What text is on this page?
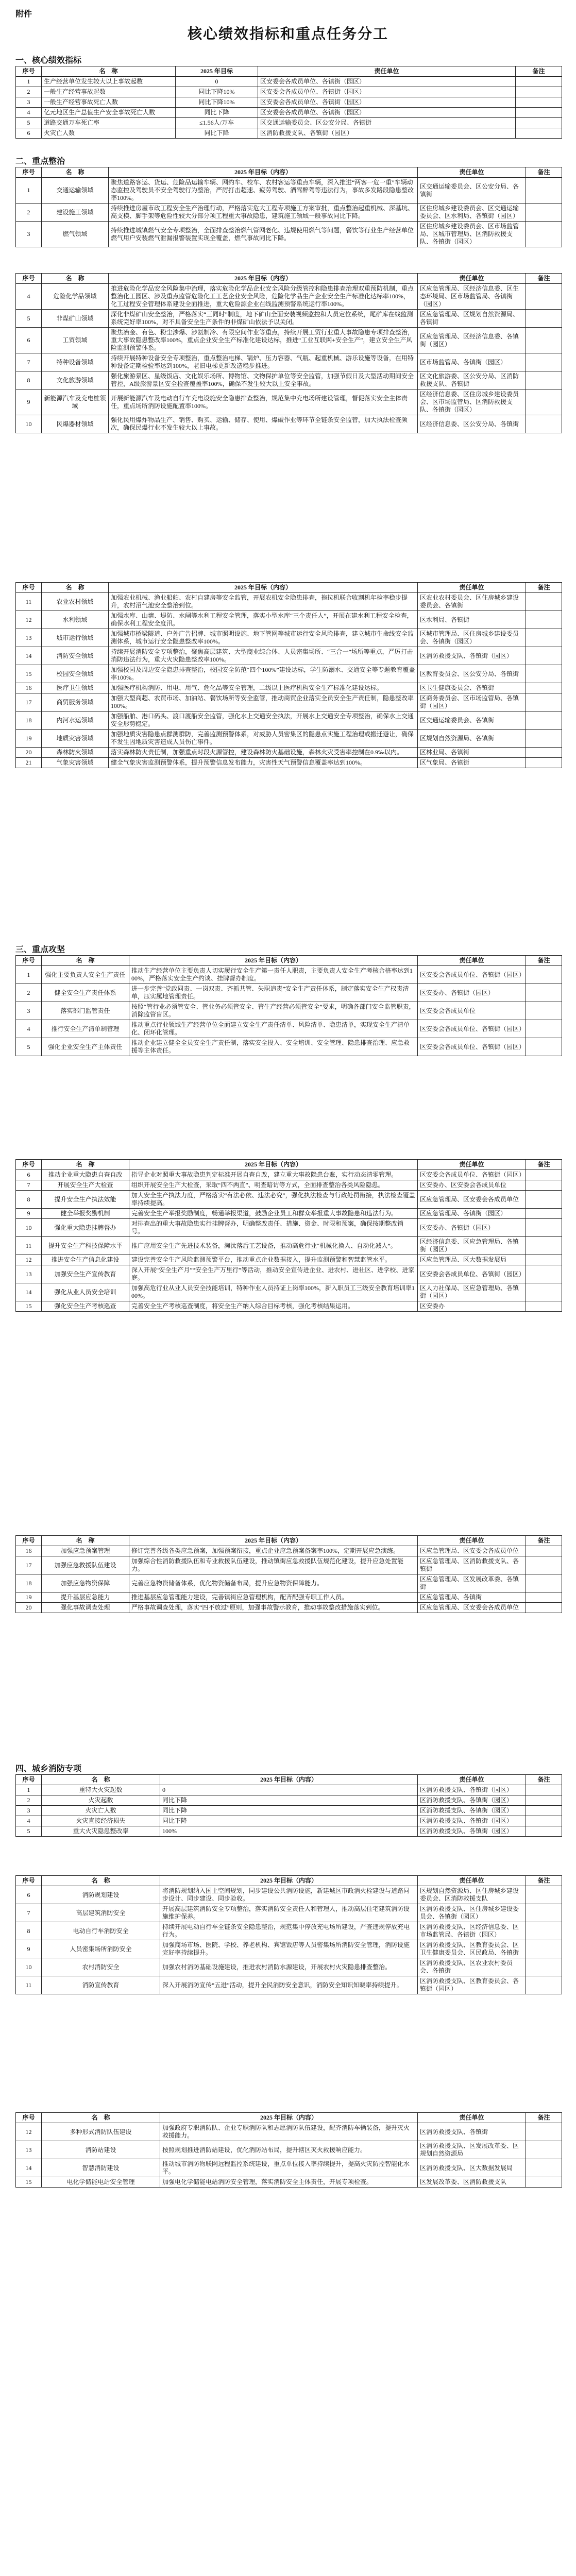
附件
核心绩效指标和重点任务分工
一、核心绩效指标
序号	名　称	2025 年目标	责任单位	备注
1	生产经营单位发生较大以上事故起数	0	区安委会各成员单位、各镇街（园区）	
2	一般生产经营事故起数	同比下降10%	区安委会各成员单位、各镇街（园区）	
3	一般生产经营事故死亡人数	同比下降10%	区安委会各成员单位、各镇街（园区）	
4	亿元地区生产总值生产安全事故死亡人数	同比下降	区安委会各成员单位、各镇街（园区）	
5	道路交通万车死亡率	≤1.56人/万车	区交通运输委员会、区公安分局、各镇街	
6	火灾亡人数	同比下降	区消防救援支队、各镇街（园区）	
二、重点整治
序号	名　称	2025 年目标（内容）	责任单位	备注
1	交通运输领域	聚焦道路客运、货运、危险品运输车辆、网约车、校车、农村客运等重点车辆，深入推进“两客一危一重”车辆动态监控及驾驶员不安全驾驶行为整治，严厉打击超速、疲劳驾驶、酒驾醉驾等违法行为，事故多发路段隐患整改率100%。	区交通运输委员会、区公安分局、各镇街	
2	建设施工领域	持续推进房屋市政工程安全生产治理行动，严格落实危大工程专项施工方案审批，重点整治起重机械、深基坑、高支模、脚手架等危险性较大分部分项工程重大事故隐患，建筑施工领域一般事故同比下降。	区住房城乡建设委员会、区交通运输委员会、区水利局、各镇街（园区）	
3	燃气领域	持续推进城镇燃气安全专项整治，全面排查整治燃气管网老化、违规使用燃气等问题，餐饮等行业生产经营单位燃气用户安装燃气泄漏报警装置实现全覆盖，燃气事故同比下降。	区住房城乡建设委员会、区市场监管局、区城市管理局、区消防救援支队、各镇街（园区）	
序号	名　称	2025 年目标（内容）	责任单位	备注
4	危险化学品领域	推进危险化学品安全风险集中治理，落实危险化学品企业安全风险分级管控和隐患排查治理双重预防机制，重点整治化工园区、涉及重点监管危险化工工艺企业安全风险，危险化学品生产企业安全生产标准化达标率100%，化工过程安全管理体系建设全面推进，重大危险源企业在线监测预警系统运行率100%。	区应急管理局、区经济信息委、区生态环境局、区市场监管局、各镇街（园区）	
5	非煤矿山领域	深化非煤矿山安全整治，严格落实“三同时”制度，地下矿山全面安装视频监控和人员定位系统，尾矿库在线监测系统完好率100%，对不具备安全生产条件的非煤矿山依法予以关闭。	区应急管理局、区规划自然资源局、各镇街	
6	工贸领域	聚焦冶金、有色、粉尘涉爆、涉氨制冷、有限空间作业等重点，持续开展工贸行业重大事故隐患专项排查整治，重大事故隐患整改率100%，重点企业安全生产标准化建设达标，推进“工业互联网+安全生产”，建立安全生产风险监测预警体系。	区应急管理局、区经济信息委、各镇街（园区）	
7	特种设备领域	持续开展特种设备安全专项整治，重点整治电梯、锅炉、压力容器、气瓶、起重机械、游乐设施等设备，在用特种设备定期检验率达到100%，老旧电梯更新改造稳步推进。	区市场监管局、各镇街（园区）	
8	文化旅游领域	强化旅游景区、星级饭店、文化娱乐场所、博物馆、文物保护单位等安全监管，加强节假日及大型活动期间安全管控，A级旅游景区安全检查覆盖率100%，确保不发生较大以上安全事故。	区文化旅游委、区公安分局、区消防救援支队、各镇街	
9	新能源汽车及充电桩领域	开展新能源汽车及电动自行车充电设施安全隐患排查整治，规范集中充电场所建设管理，督促落实安全主体责任，重点场所消防设施配置率100%。	区经济信息委、区住房城乡建设委员会、区市场监管局、区消防救援支队、各镇街（园区）	
10	民爆器材领域	强化民用爆炸物品生产、销售、购买、运输、储存、使用、爆破作业等环节全链条安全监管，加大执法检查频次，确保民爆行业不发生较大以上事故。	区经济信息委、区公安分局、各镇街	
序号	名　称	2025 年目标（内容）	责任单位	备注
11	农业农村领域	加强农业机械、渔业船舶、农村自建房等安全监管，开展农机安全隐患排查，拖拉机联合收割机年检率稳步提升，农村沼气池安全整治到位。	区农业农村委员会、区住房城乡建设委员会、各镇街	
12	水利领域	加强水库、山塘、堤防、水闸等水利工程安全管理，落实小型水库“三个责任人”，开展在建水利工程安全检查，确保水利工程安全度汛。	区水利局、各镇街	
13	城市运行领域	加强城市桥梁隧道、户外广告招牌、城市照明设施、地下管网等城市运行安全风险排查，建立城市生命线安全监测体系，城市运行安全隐患整改率100%。	区城市管理局、区住房城乡建设委员会、各镇街（园区）	
14	消防安全领域	持续开展消防安全专项整治，聚焦高层建筑、大型商业综合体、人员密集场所、“三合一”场所等重点，严厉打击消防违法行为，重大火灾隐患整改率100%。	区消防救援支队、各镇街（园区）	
15	校园安全领域	加强校园及周边安全隐患排查整治，校园安全防范“四个100%”建设达标，学生防溺水、交通安全等专题教育覆盖率100%。	区教育委员会、区公安分局、各镇街	
16	医疗卫生领域	加强医疗机构消防、用电、用气、危化品等安全管理，二级以上医疗机构安全生产标准化建设达标。	区卫生健康委员会、各镇街	
17	商贸服务领域	加强大型商超、农贸市场、加油站、餐饮场所等安全监管，推动商贸企业落实全员安全生产责任制，隐患整改率100%。	区商务委员会、区市场监管局、各镇街（园区）	
18	内河水运领域	加强船舶、港口码头、渡口渡船安全监管，强化水上交通安全执法，开展水上交通安全专项整治，确保水上交通安全形势稳定。	区交通运输委员会、各镇街	
19	地质灾害领域	加强地质灾害隐患点群测群防，完善监测预警体系，对威胁人员密集区的隐患点实施工程治理或搬迁避让，确保不发生因地质灾害造成人员伤亡事件。	区规划自然资源局、各镇街	
20	森林防火领域	落实森林防火责任制，加强重点时段火源管控，建设森林防火基础设施，森林火灾受害率控制在0.9‰以内。	区林业局、各镇街	
21	气象灾害领域	健全气象灾害监测预警体系，提升预警信息发布能力，灾害性天气预警信息覆盖率达到100%。	区气象局、各镇街	
三、重点攻坚
序号	名　称	2025 年目标（内容）	责任单位	备注
1	强化主要负责人安全生产责任	推动生产经营单位主要负责人切实履行安全生产第一责任人职责，主要负责人安全生产考核合格率达到100%，严格落实安全生产约谈、挂牌督办制度。	区安委会各成员单位、各镇街（园区）	
2	健全安全生产责任体系	进一步完善“党政同责、一岗双责、齐抓共管、失职追责”安全生产责任体系，制定落实安全生产权责清单，压实属地管理责任。	区安委办、各镇街（园区）	
3	落实部门监管责任	按照“管行业必须管安全、管业务必须管安全、管生产经营必须管安全”要求，明确各部门安全监管职责，消除监管盲区。	区安委会各成员单位	
4	推行安全生产清单制管理	推动重点行业领域生产经营单位全面建立安全生产责任清单、风险清单、隐患清单，实现安全生产清单化、闭环化管理。	区安委会各成员单位、各镇街（园区）	
5	强化企业安全生产主体责任	推动企业建立健全全员安全生产责任制，落实安全投入、安全培训、安全管理、隐患排查治理、应急救援等主体责任。	区安委会各成员单位、各镇街（园区）	
序号	名　称	2025 年目标（内容）	责任单位	备注
6	推动企业重大隐患自查自改	指导企业对照重大事故隐患判定标准开展自查自改，建立重大事故隐患台账，实行动态清零管理。	区安委会各成员单位、各镇街（园区）	
7	开展安全生产大检查	组织开展安全生产大检查，采取“四不两直”、明查暗访等方式，全面排查整治各类风险隐患。	区安委办、区安委会各成员单位	
8	提升安全生产执法效能	加大安全生产执法力度，严格落实“有法必依、违法必究”，强化执法检查与行政处罚衔接，执法检查覆盖率持续提高。	区应急管理局、区安委会各成员单位	
9	健全举报奖励机制	完善安全生产举报奖励制度，畅通举报渠道，鼓励企业员工和群众举报重大事故隐患和违法行为。	区应急管理局、各镇街（园区）	
10	强化重大隐患挂牌督办	对排查出的重大事故隐患实行挂牌督办，明确整改责任、措施、资金、时限和预案，确保按期整改销号。	区安委办、各镇街（园区）	
11	提升安全生产科技保障水平	推广应用安全生产先进技术装备，淘汰落后工艺设备，推动高危行业“机械化换人、自动化减人”。	区经济信息委、区应急管理局、各镇街（园区）	
12	推进安全生产信息化建设	建设完善安全生产风险监测预警平台，推动重点企业数据接入，提升监测预警和智慧监管水平。	区应急管理局、区大数据发展局	
13	加强安全生产宣传教育	深入开展“安全生产月”“安全生产万里行”等活动，推动安全宣传进企业、进农村、进社区、进学校、进家庭。	区安委会各成员单位、各镇街（园区）	
14	强化从业人员安全培训	加强高危行业从业人员安全技能培训，特种作业人员持证上岗率100%，新入职员工三级安全教育培训率100%。	区人力社保局、区应急管理局、各镇街（园区）	
15	强化安全生产考核巡查	完善安全生产考核巡查制度，将安全生产纳入综合目标考核，强化考核结果运用。	区安委办	
序号	名　称	2025 年目标（内容）	责任单位	备注
16	加强应急预案管理	修订完善各级各类应急预案，加强预案衔接，重点企业应急预案备案率100%，定期开展应急演练。	区应急管理局、区安委会各成员单位	
17	加强应急救援队伍建设	加强综合性消防救援队伍和专业救援队伍建设，推动镇街应急救援队伍规范化建设，提升应急处置能力。	区应急管理局、区消防救援支队、各镇街	
18	加强应急物资保障	完善应急物资储备体系，优化物资储备布局，提升应急物资保障能力。	区应急管理局、区发展改革委、各镇街	
19	提升基层应急能力	推进基层应急管理能力建设，完善镇街应急管理机构，配齐配强专职工作人员。	区应急管理局、各镇街	
20	强化事故调查处理	严格事故调查处理，落实“四不放过”原则，加强事故警示教育，推动事故整改措施落实到位。	区应急管理局、区安委会各成员单位	
四、城乡消防专项
序号	名　称	2025 年目标（内容）	责任单位	备注
1	重特大火灾起数	0	区消防救援支队、各镇街（园区）	
2	火灾起数	同比下降	区消防救援支队、各镇街（园区）	
3	火灾亡人数	同比下降	区消防救援支队、各镇街（园区）	
4	火灾直接经济损失	同比下降	区消防救援支队、各镇街（园区）	
5	重大火灾隐患整改率	100%	区消防救援支队、各镇街（园区）	
序号	名　称	2025 年目标（内容）	责任单位	备注
6	消防规划建设	将消防规划纳入国土空间规划，同步建设公共消防设施，新建城区市政消火栓建设与道路同步设计、同步建设、同步验收。	区规划自然资源局、区住房城乡建设委员会、区消防救援支队	
7	高层建筑消防安全	开展高层建筑消防安全专项整治，落实消防安全责任人和管理人，推动高层住宅建筑消防设施维护保养。	区消防救援支队、区住房城乡建设委员会、各镇街（园区）	
8	电动自行车消防安全	持续开展电动自行车全链条安全隐患整治，规范集中停放充电场所建设，严查违规停放充电行为。	区消防救援支队、区经济信息委、区市场监管局、各镇街（园区）	
9	人员密集场所消防安全	加强商场市场、医院、学校、养老机构、宾馆饭店等人员密集场所消防安全管理，消防设施完好率持续提升。	区消防救援支队、区教育委员会、区卫生健康委员会、区民政局、各镇街	
10	农村消防安全	加强农村消防基础设施建设，推进农村消防水源建设，开展农村火灾隐患排查整治。	区消防救援支队、区农业农村委员会、各镇街	
11	消防宣传教育	深入开展消防宣传“五进”活动，提升全民消防安全意识，消防安全知识知晓率持续提升。	区消防救援支队、区教育委员会、各镇街（园区）	
序号	名　称	2025 年目标（内容）	责任单位	备注
12	多种形式消防队伍建设	加强政府专职消防队、企业专职消防队和志愿消防队伍建设，配齐消防车辆装备，提升灭火救援能力。	区消防救援支队、各镇街	
13	消防站建设	按照规划推进消防站建设，优化消防站布局，提升辖区灭火救援响应能力。	区消防救援支队、区发展改革委、区规划自然资源局	
14	智慧消防建设	推动城市消防物联网远程监控系统建设，重点单位接入率持续提升，提高火灾防控智能化水平。	区消防救援支队、区大数据发展局	
15	电化学储能电站安全管理	加强电化学储能电站消防安全管理，落实消防安全主体责任，开展专项检查。	区发展改革委、区消防救援支队	
